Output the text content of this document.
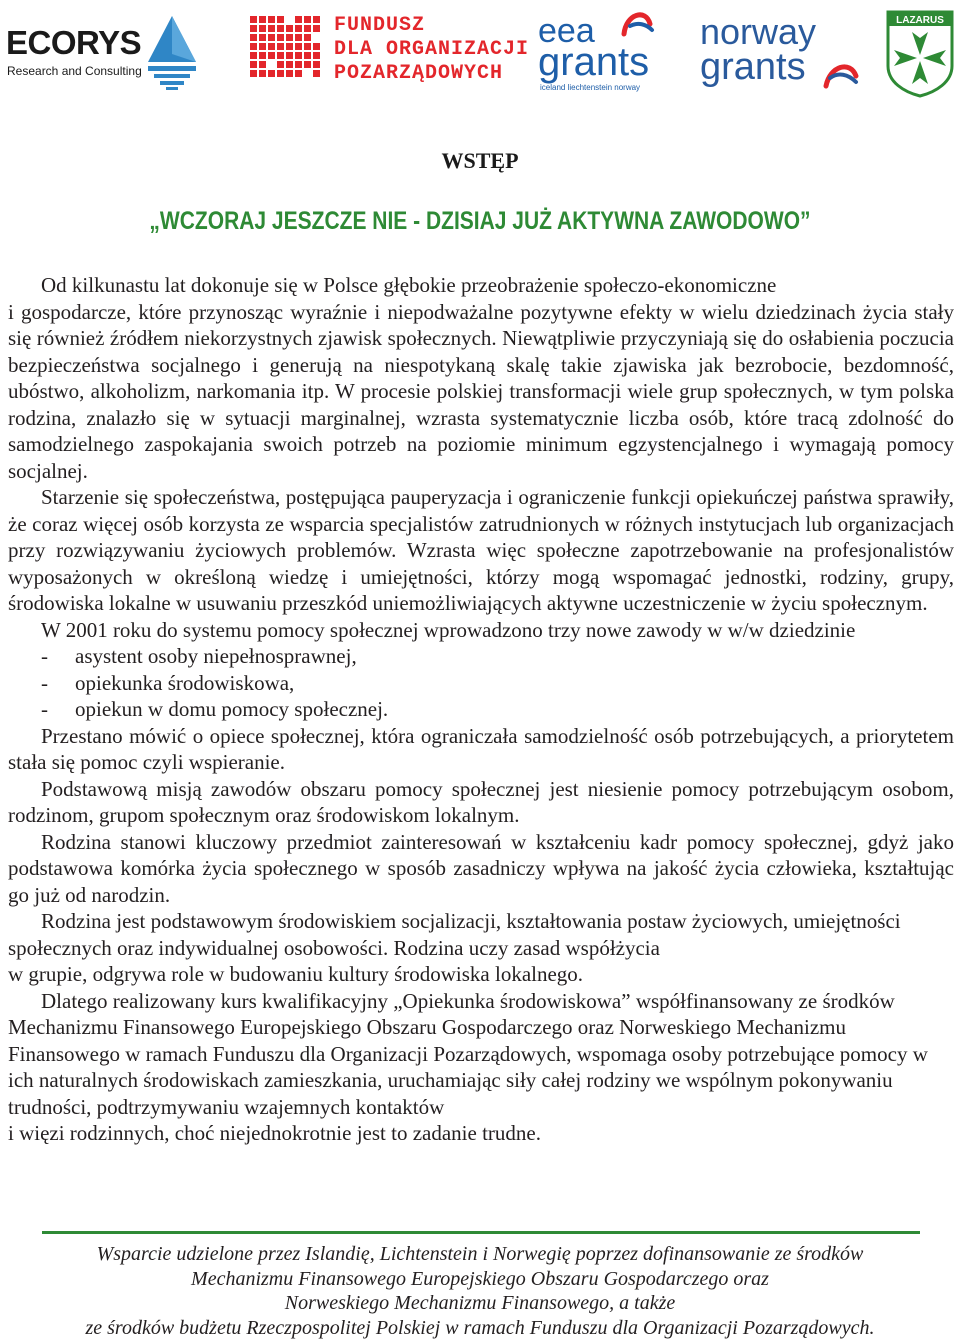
ECORYS
Research and Consulting
FUNDUSZ
DLA ORGANIZACJI
POZARZĄDOWYCH
eea
grants
iceland liechtenstein norway
norway
grants
LAZARUS
WSTĘP
„WCZORAJ JESZCZE NIE - DZISIAJ JUŻ AKTYWNA ZAWODOWO”

Od kilkunastu lat dokonuje się w Polsce głębokie przeobrażenie społeczo-ekonomiczne
i gospodarcze, które przynosząc wyraźnie i niepodważalne pozytywne efekty w wielu dziedzinach życia stały się również źródłem niekorzystnych zjawisk społecznych. Niewątpliwie przyczyniają się do osłabienia poczucia bezpieczeństwa socjalnego i generują na niespotykaną skalę takie zjawiska jak bezrobocie, bezdomność, ubóstwo, alkoholizm, narkomania itp. W procesie polskiej transformacji wiele grup społecznych, w tym polska rodzina, znalazło się w sytuacji marginalnej, wzrasta systematycznie liczba osób, które tracą zdolność do samodzielnego zaspokajania swoich potrzeb na poziomie minimum egzystencjalnego i wymagają pomocy socjalnej.

Starzenie się społeczeństwa, postępująca pauperyzacja i ograniczenie funkcji opiekuńczej państwa sprawiły, że coraz więcej osób korzysta ze wsparcia specjalistów zatrudnionych w różnych instytucjach lub organizacjach przy rozwiązywaniu życiowych problemów. Wzrasta więc społeczne zapotrzebowanie na profesjonalistów wyposażonych w określoną wiedzę i umiejętności, którzy mogą wspomagać jednostki, rodziny, grupy, środowiska lokalne w usuwaniu przeszkód uniemożliwiających aktywne uczestniczenie w życiu społecznym.

W 2001 roku do systemu pomocy społecznej wprowadzono trzy nowe zawody w w/w dziedzinie

- asystent osoby niepełnosprawnej,
- opiekunka środowiskowa,
- opiekun w domu pomocy społecznej.

Przestano mówić o opiece społecznej, która ograniczała samodzielność osób potrzebujących, a priorytetem stała się pomoc czyli wspieranie.

Podstawową misją zawodów obszaru pomocy społecznej jest niesienie pomocy potrzebującym osobom, rodzinom, grupom społecznym oraz środowiskom lokalnym.

Rodzina stanowi kluczowy przedmiot zainteresowań w kształceniu kadr pomocy społecznej, gdyż jako podstawowa komórka życia społecznego w sposób zasadniczy wpływa na jakość życia człowieka, kształtując go już od narodzin.

Rodzina jest podstawowym środowiskiem socjalizacji, kształtowania postaw życiowych, umiejętności społecznych oraz indywidualnej osobowości. Rodzina uczy zasad współżycia
w grupie, odgrywa role w budowaniu kultury środowiska lokalnego.

Dlatego realizowany kurs kwalifikacyjny „Opiekunka środowiskowa” współfinansowany ze środków Mechanizmu Finansowego Europejskiego Obszaru Gospodarczego oraz Norweskiego Mechanizmu Finansowego w ramach Funduszu dla Organizacji Pozarządowych, wspomaga osoby potrzebujące pomocy w ich naturalnych środowiskach zamieszkania, uruchamiając siły całej rodziny we wspólnym pokonywaniu trudności, podtrzymywaniu wzajemnych kontaktów
i więzi rodzinnych, choć niejednokrotnie jest to zadanie trudne.

Wsparcie udzielone przez Islandię, Lichtenstein i Norwegię poprzez dofinansowanie ze środków
Mechanizmu Finansowego Europejskiego Obszaru Gospodarczego oraz
Norweskiego Mechanizmu Finansowego, a także
ze środków budżetu Rzeczpospolitej Polskiej w ramach Funduszu dla Organizacji Pozarządowych.
